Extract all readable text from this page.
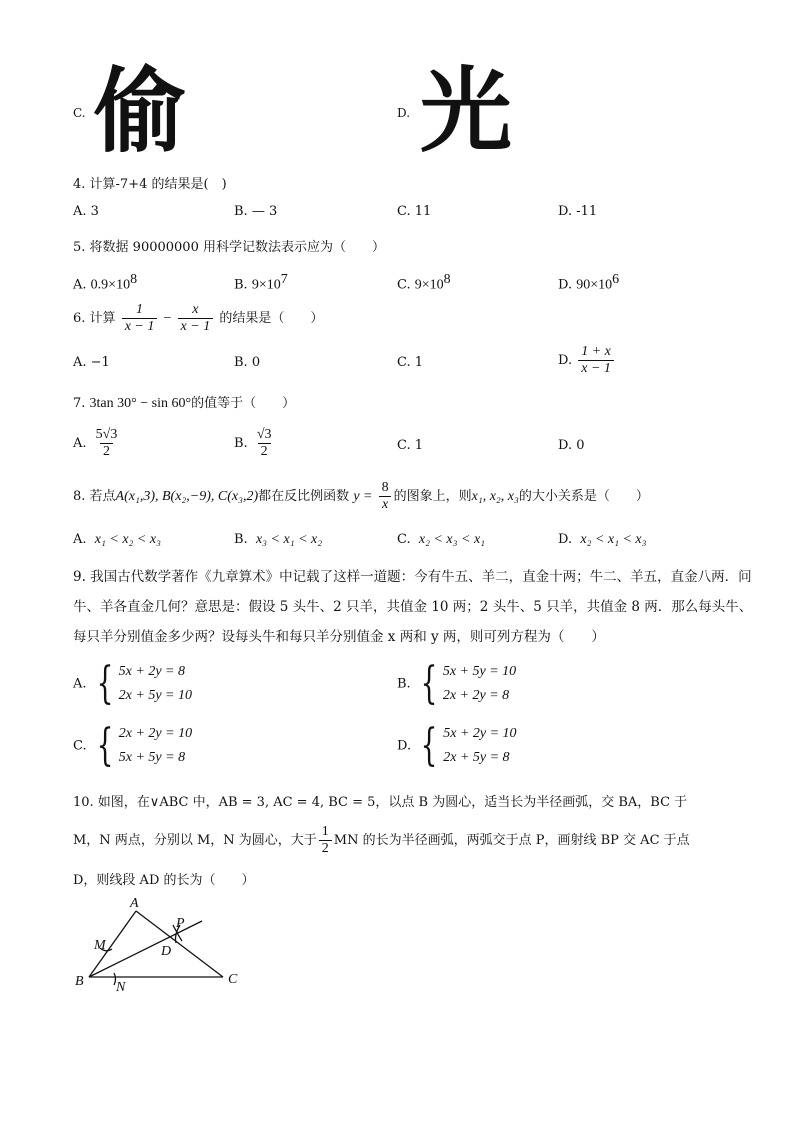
C. 偷	D. 光
4. 计算-7+4 的结果是(　)
A. 3	B. — 3	C. 11	D. -11
5. 将数据 90000000 用科学记数法表示应为（　　）
A. $0.9\times 10^8$	B. $9\times 10^7$	C. $9\times 10^8$	D. $90\times 10^6$
6. 计算 $\frac{1}{x - 1} - \frac{x}{x - 1}$ 的结果是（　　）
A. −1	B. 0	C. 1	D. $\frac{1 + x}{x - 1}$
7. 3tan 30° − sin 60°的值等于（　　）
A. $\frac{5√3}{2}$	B. $\frac{√3}{2}$	C. 1	D. 0
8. 若点A(x₁,3), B(x₂,−9), C(x₃,2)都在反比例函数 $y = \frac{8}{x}$ 的图象上，则x₁, x₂, x₃的大小关系是（　　）
A. x₁ < x₂ < x₃	B. x₃ < x₁ < x₂	C. x₂ < x₃ < x₁	D. x₂ < x₁ < x₃
9. 我国古代数学著作《九章算术》中记载了这样一道题：今有牛五、羊二，直金十两；牛二、羊五，直金八两．问牛、羊各直金几何？意思是：假设 5 头牛、2 只羊，共值金 10 两；2 头牛、5 只羊，共值金 8 两．那么每头牛、每只羊分别值金多少两？设每头牛和每只羊分别值金 x 两和 y 两，则可列方程为（　　）
A. { 5x + 2y = 8
2x + 5y = 10
B. { 5x + 5y = 10
2x + 2y = 8
C. { 2x + 2y = 10
5x + 5y = 8
D. { 5x + 2y = 10
2x + 5y = 8
10. 如图，在∨ABC 中，AB = 3, AC = 4, BC = 5，以点 B 为圆心，适当长为半径画弧，交 BA，BC 于
M，N 两点，分别以 M，N 为圆心，大于 $\frac{1}{2}$ MN 的长为半径画弧，两弧交于点 P，画射线 BP 交 AC 于点
D，则线段 AD 的长为（　　）
A
B	C
M
N
P
D
